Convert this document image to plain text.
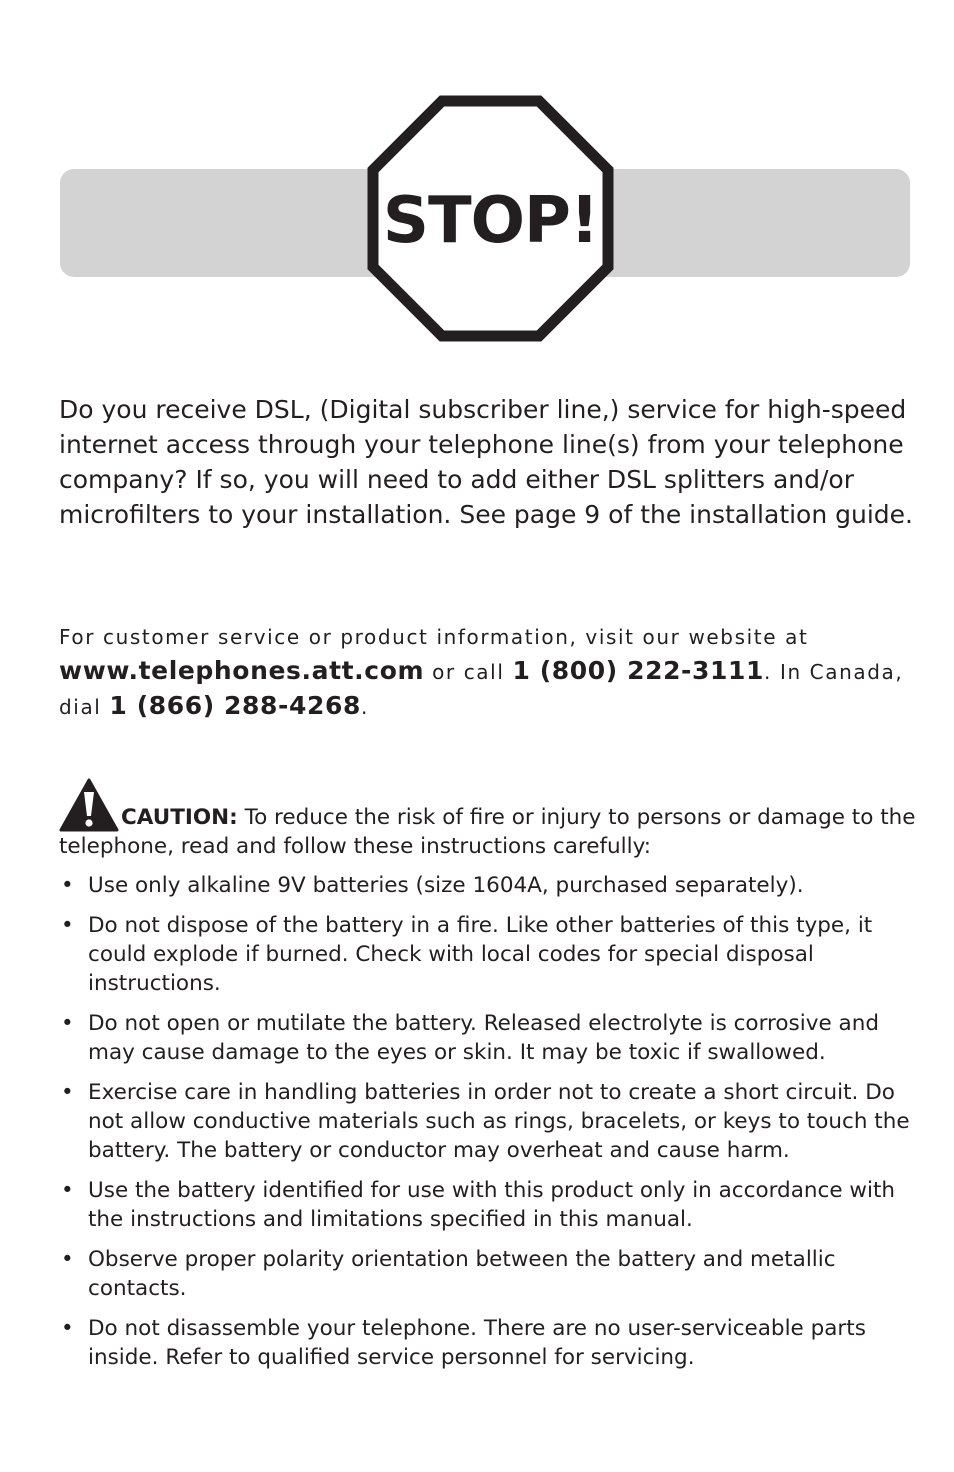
STOP!

Do you receive DSL, (Digital subscriber line,) service for high-speed internet access through your telephone line(s) from your telephone company? If so, you will need to add either DSL splitters and/or microfilters to your installation. See page 9 of the installation guide.

For customer service or product information, visit our website at www.telephones.att.com or call 1 (800) 222-3111. In Canada, dial 1 (866) 288-4268.

CAUTION: To reduce the risk of fire or injury to persons or damage to the telephone, read and follow these instructions carefully:

• Use only alkaline 9V batteries (size 1604A, purchased separately).
• Do not dispose of the battery in a fire. Like other batteries of this type, it could explode if burned. Check with local codes for special disposal instructions.
• Do not open or mutilate the battery. Released electrolyte is corrosive and may cause damage to the eyes or skin. It may be toxic if swallowed.
• Exercise care in handling batteries in order not to create a short circuit. Do not allow conductive materials such as rings, bracelets, or keys to touch the battery. The battery or conductor may overheat and cause harm.
• Use the battery identified for use with this product only in accordance with the instructions and limitations specified in this manual.
• Observe proper polarity orientation between the battery and metallic contacts.
• Do not disassemble your telephone. There are no user-serviceable parts inside. Refer to qualified service personnel for servicing.
